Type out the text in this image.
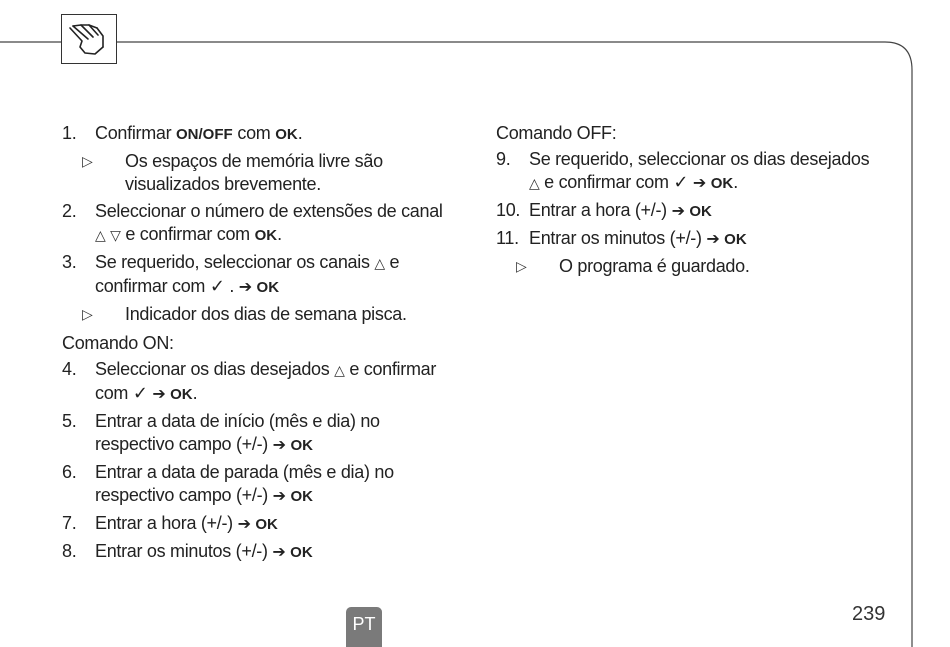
1. Confirmar ON/OFF com OK.
▷ Os espaços de memória livre são
visualizados brevemente.
2. Seleccionar o número de extensões de canal
△ ▽ e confirmar com OK.
3. Se requerido, seleccionar os canais △ e
confirmar com ✓ . ➔ OK
▷ Indicador dos dias de semana pisca.
Comando ON:
4. Seleccionar os dias desejados △ e confirmar
com ✓ ➔ OK.
5. Entrar a data de início (mês e dia) no
respectivo campo (+/-) ➔ OK
6. Entrar a data de parada (mês e dia) no
respectivo campo (+/-) ➔ OK
7. Entrar a hora (+/-) ➔ OK
8. Entrar os minutos (+/-) ➔ OK
Comando OFF:
9. Se requerido, seleccionar os dias desejados
△ e confirmar com ✓ ➔ OK.
10. Entrar a hora (+/-) ➔ OK
11. Entrar os minutos (+/-) ➔ OK
▷ O programa é guardado.
PT	239
